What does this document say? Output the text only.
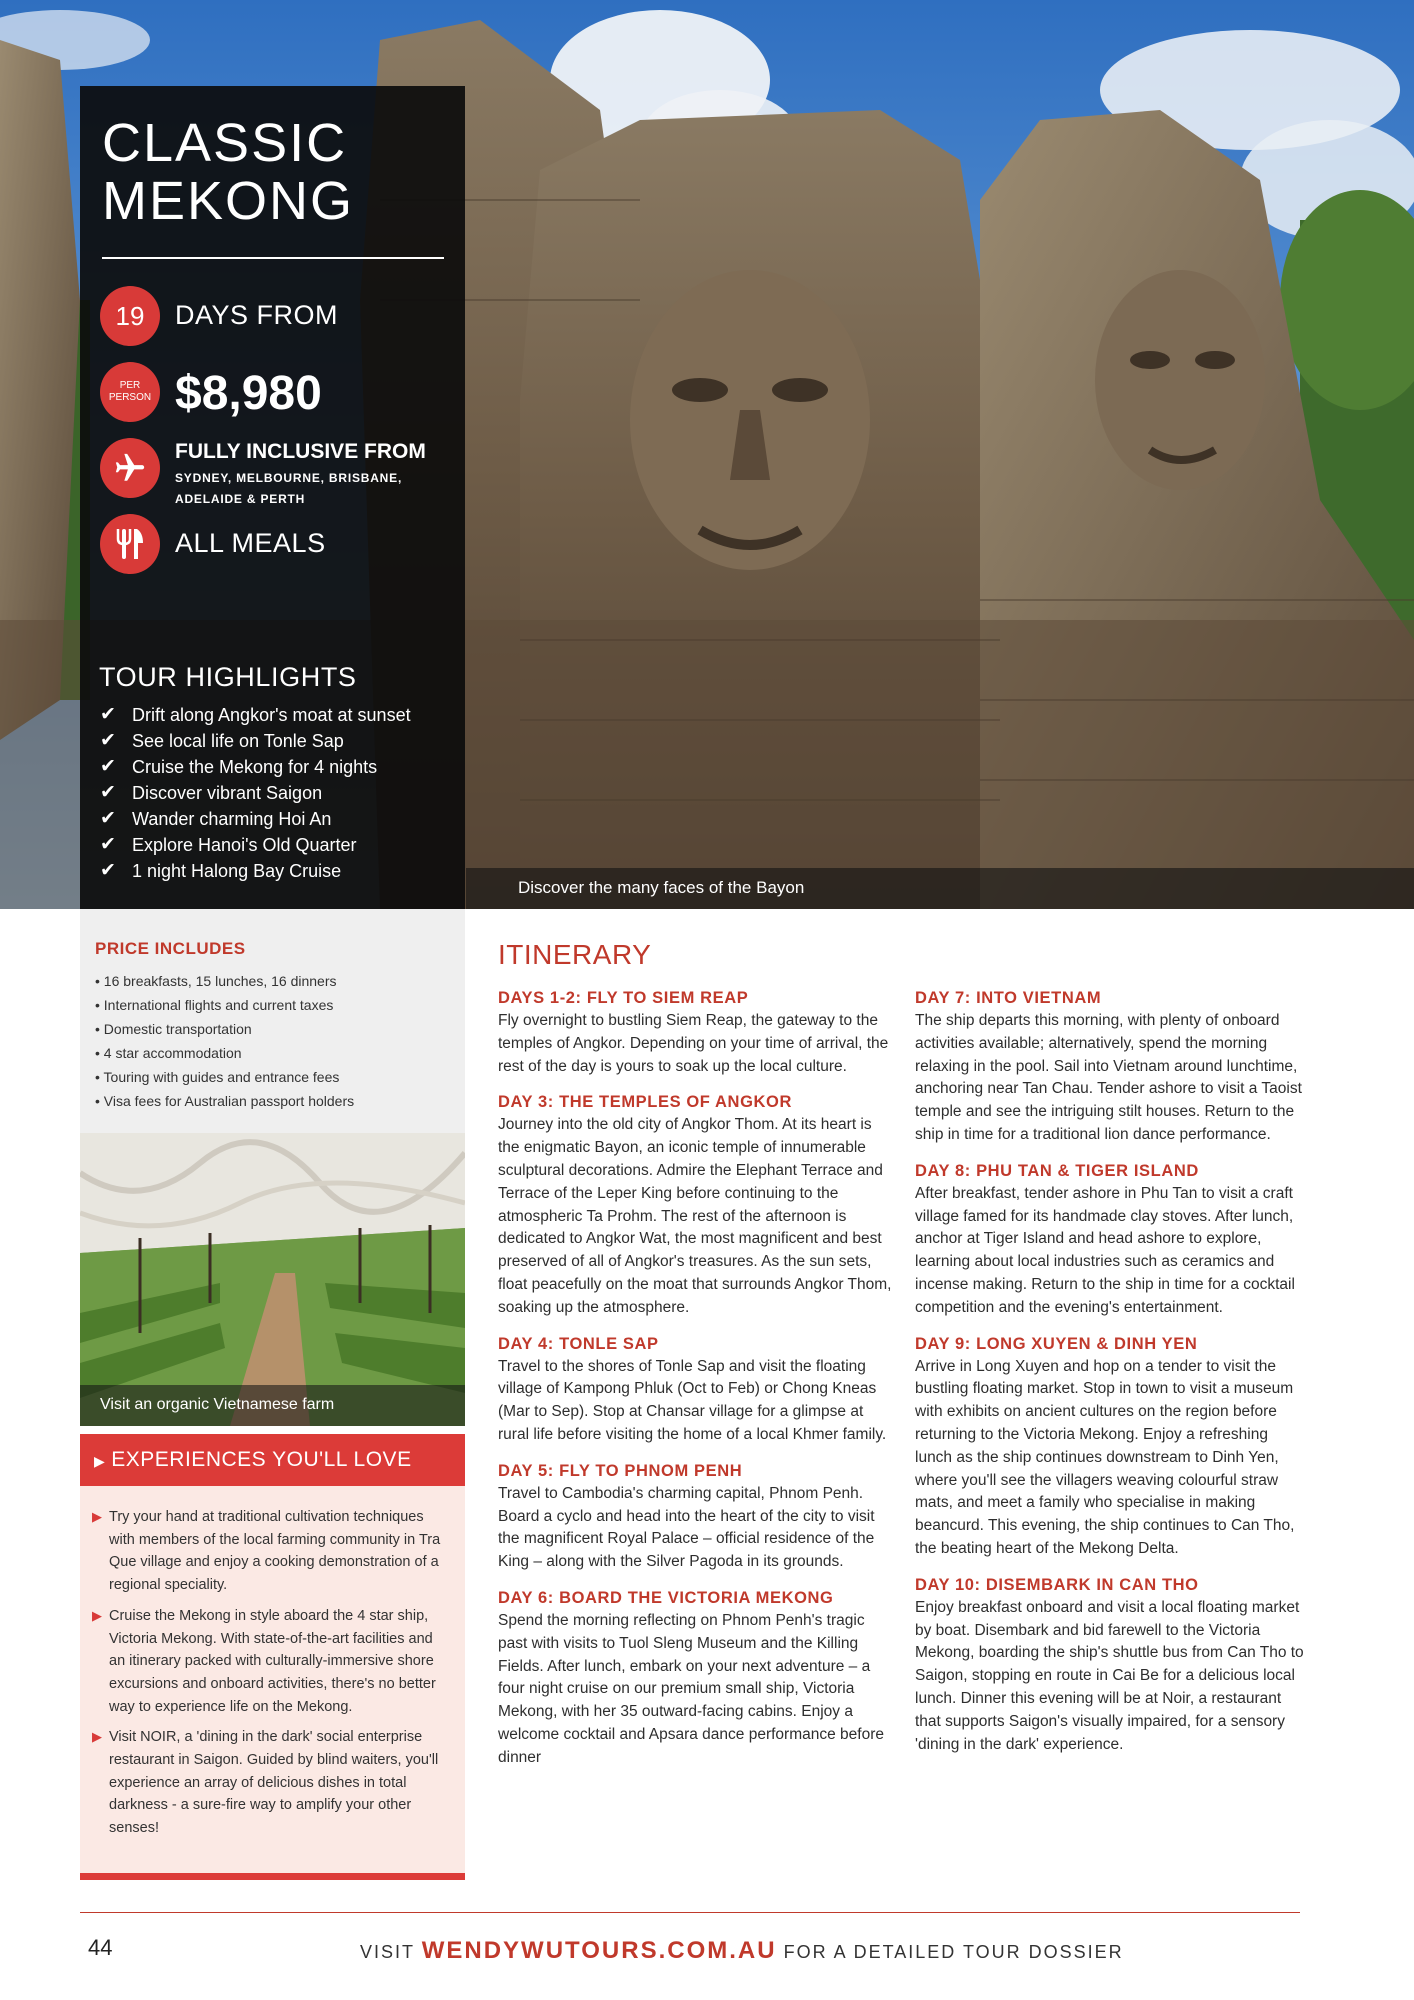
Discover the many faces of the Bayon
CLASSIC
MEKONG
19 DAYS FROM
PER
PERSON $8,980
FULLY INCLUSIVE FROM
SYDNEY, MELBOURNE, BRISBANE, ADELAIDE & PERTH
ALL MEALS
TOUR HIGHLIGHTS
✔ Drift along Angkor's moat at sunset
✔ See local life on Tonle Sap
✔ Cruise the Mekong for 4 nights
✔ Discover vibrant Saigon
✔ Wander charming Hoi An
✔ Explore Hanoi's Old Quarter
✔ 1 night Halong Bay Cruise
PRICE INCLUDES
• 16 breakfasts, 15 lunches, 16 dinners
• International flights and current taxes
• Domestic transportation
• 4 star accommodation
• Touring with guides and entrance fees
• Visa fees for Australian passport holders
Visit an organic Vietnamese farm
▶ EXPERIENCES YOU'LL LOVE
▶ Try your hand at traditional cultivation techniques with members of the local farming community in Tra Que village and enjoy a cooking demonstration of a regional speciality.
▶ Cruise the Mekong in style aboard the 4 star ship, Victoria Mekong. With state-of-the-art facilities and an itinerary packed with culturally-immersive shore excursions and onboard activities, there's no better way to experience life on the Mekong.
▶ Visit NOIR, a 'dining in the dark' social enterprise restaurant in Saigon. Guided by blind waiters, you'll experience an array of delicious dishes in total darkness - a sure-fire way to amplify your other senses!
ITINERARY
DAYS 1-2: FLY TO SIEM REAP
Fly overnight to bustling Siem Reap, the gateway to the temples of Angkor. Depending on your time of arrival, the rest of the day is yours to soak up the local culture.
DAY 3: THE TEMPLES OF ANGKOR
Journey into the old city of Angkor Thom. At its heart is the enigmatic Bayon, an iconic temple of innumerable sculptural decorations. Admire the Elephant Terrace and Terrace of the Leper King before continuing to the atmospheric Ta Prohm. The rest of the afternoon is dedicated to Angkor Wat, the most magnificent and best preserved of all of Angkor's treasures. As the sun sets, float peacefully on the moat that surrounds Angkor Thom, soaking up the atmosphere.
DAY 4: TONLE SAP
Travel to the shores of Tonle Sap and visit the floating village of Kampong Phluk (Oct to Feb) or Chong Kneas (Mar to Sep). Stop at Chansar village for a glimpse at rural life before visiting the home of a local Khmer family.
DAY 5: FLY TO PHNOM PENH
Travel to Cambodia's charming capital, Phnom Penh. Board a cyclo and head into the heart of the city to visit the magnificent Royal Palace – official residence of the King – along with the Silver Pagoda in its grounds.
DAY 6: BOARD THE VICTORIA MEKONG
Spend the morning reflecting on Phnom Penh's tragic past with visits to Tuol Sleng Museum and the Killing Fields. After lunch, embark on your next adventure – a four night cruise on our premium small ship, Victoria Mekong, with her 35 outward-facing cabins. Enjoy a welcome cocktail and Apsara dance performance before dinner
DAY 7: INTO VIETNAM
The ship departs this morning, with plenty of onboard activities available; alternatively, spend the morning relaxing in the pool. Sail into Vietnam around lunchtime, anchoring near Tan Chau. Tender ashore to visit a Taoist temple and see the intriguing stilt houses. Return to the ship in time for a traditional lion dance performance.
DAY 8: PHU TAN & TIGER ISLAND
After breakfast, tender ashore in Phu Tan to visit a craft village famed for its handmade clay stoves. After lunch, anchor at Tiger Island and head ashore to explore, learning about local industries such as ceramics and incense making. Return to the ship in time for a cocktail competition and the evening's entertainment.
DAY 9: LONG XUYEN & DINH YEN
Arrive in Long Xuyen and hop on a tender to visit the bustling floating market. Stop in town to visit a museum with exhibits on ancient cultures on the region before returning to the Victoria Mekong. Enjoy a refreshing lunch as the ship continues downstream to Dinh Yen, where you'll see the villagers weaving colourful straw mats, and meet a family who specialise in making beancurd. This evening, the ship continues to Can Tho, the beating heart of the Mekong Delta.
DAY 10: DISEMBARK IN CAN THO
Enjoy breakfast onboard and visit a local floating market by boat. Disembark and bid farewell to the Victoria Mekong, boarding the ship's shuttle bus from Can Tho to Saigon, stopping en route in Cai Be for a delicious local lunch. Dinner this evening will be at Noir, a restaurant that supports Saigon's visually impaired, for a sensory 'dining in the dark' experience.
44	VISIT WENDYWUTOURS.COM.AU FOR A DETAILED TOUR DOSSIER
